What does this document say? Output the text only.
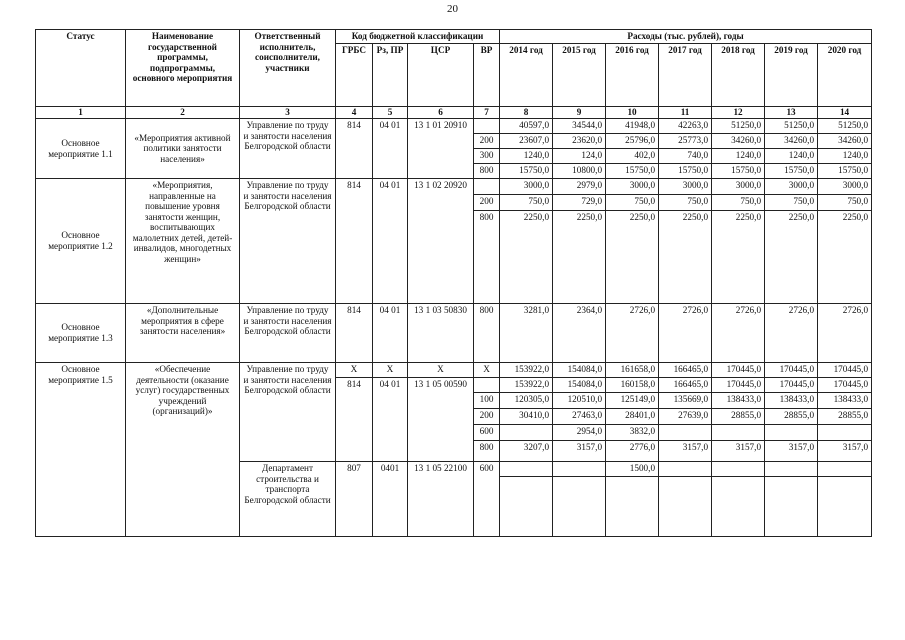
20
Статус	Наименование государственной программы, подпрограммы, основного мероприятия	Ответственный исполнитель, соисполнители, участники	Код бюджетной классификации				Расходы (тыс. рублей), годы						
			ГРБС	Рз, ПР	ЦСР	ВР	2014 год	2015 год	2016 год	2017 год	2018 год	2019 год	2020 год
1	2	3	4	5	6	7	8	9	10	11	12	13	14
Основное мероприятие 1.1	«Мероприятия активной политики занятости населения»	Управление по труду и занятости населения Белгородской области	814	04 01	13 1 01 20910		40597,0	34544,0	41948,0	42263,0	51250,0	51250,0	51250,0
						200	23607,0	23620,0	25796,0	25773,0	34260,0	34260,0	34260,0
						300	1240,0	124,0	402,0	740,0	1240,0	1240,0	1240,0
						800	15750,0	10800,0	15750,0	15750,0	15750,0	15750,0	15750,0
Основное мероприятие 1.2	«Мероприятия, направленные на повышение уровня занятости женщин, воспитывающих малолетних детей, детей-инвалидов, многодетных женщин»	Управление по труду и занятости населения Белгородской области	814	04 01	13 1 02 20920		3000,0	2979,0	3000,0	3000,0	3000,0	3000,0	3000,0
						200	750,0	729,0	750,0	750,0	750,0	750,0	750,0
						800	2250,0	2250,0	2250,0	2250,0	2250,0	2250,0	2250,0
Основное мероприятие 1.3	«Дополнительные мероприятия в сфере занятости населения»	Управление по труду и занятости населения Белгородской области	814	04 01	13 1 03 50830	800	3281,0	2364,0	2726,0	2726,0	2726,0	2726,0	2726,0
Основное мероприятие 1.5	«Обеспечение деятельности (оказание услуг) государственных учреждений (организаций)»	Управление по труду и занятости населения Белгородской области	Х	Х	Х	Х	153922,0	154084,0	161658,0	166465,0	170445,0	170445,0	170445,0
			814	04 01	13 1 05 00590		153922,0	154084,0	160158,0	166465,0	170445,0	170445,0	170445,0
						100	120305,0	120510,0	125149,0	135669,0	138433,0	138433,0	138433,0
						200	30410,0	27463,0	28401,0	27639,0	28855,0	28855,0	28855,0
						600		2954,0	3832,0				
						800	3207,0	3157,0	2776,0	3157,0	3157,0	3157,0	3157,0
		Департамент строительства и транспорта Белгородской области	807	0401	13 1 05 22100	600			1500,0				
